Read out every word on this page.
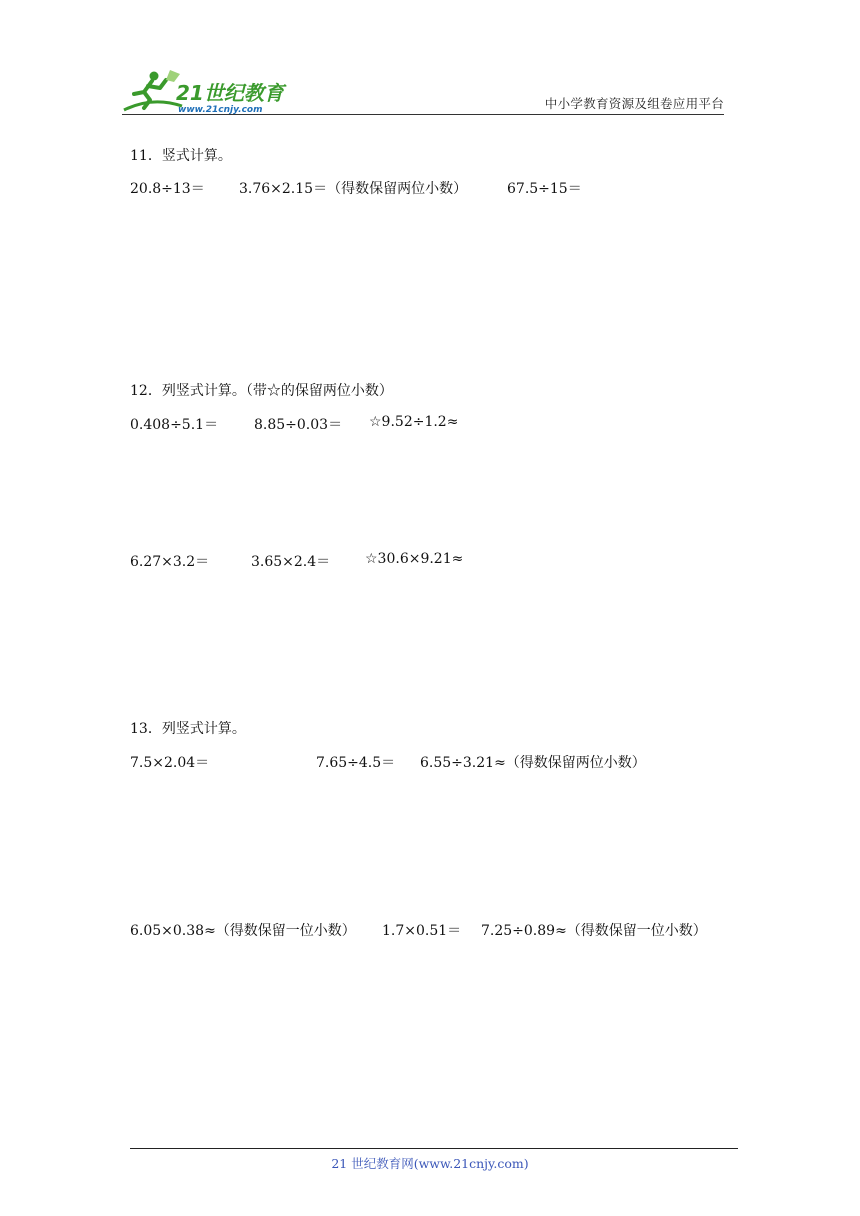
21世纪教育
www.21cnjy.com	中小学教育资源及组卷应用平台
11．竖式计算。
20.8÷13＝ 3.76×2.15＝（得数保留两位小数）	67.5÷15＝
12．列竖式计算。（带☆的保留两位小数）
0.408÷5.1＝	8.85÷0.03＝ ☆9.52÷1.2≈
6.27×3.2＝	3.65×2.4＝ ☆30.6×9.21≈
13．列竖式计算。
7.5×2.04＝	7.65÷4.5＝ 6.55÷3.21≈（得数保留两位小数）
6.05×0.38≈（得数保留一位小数） 1.7×0.51＝ 7.25÷0.89≈（得数保留一位小数）
21 世纪教育网(www.21cnjy.com)
